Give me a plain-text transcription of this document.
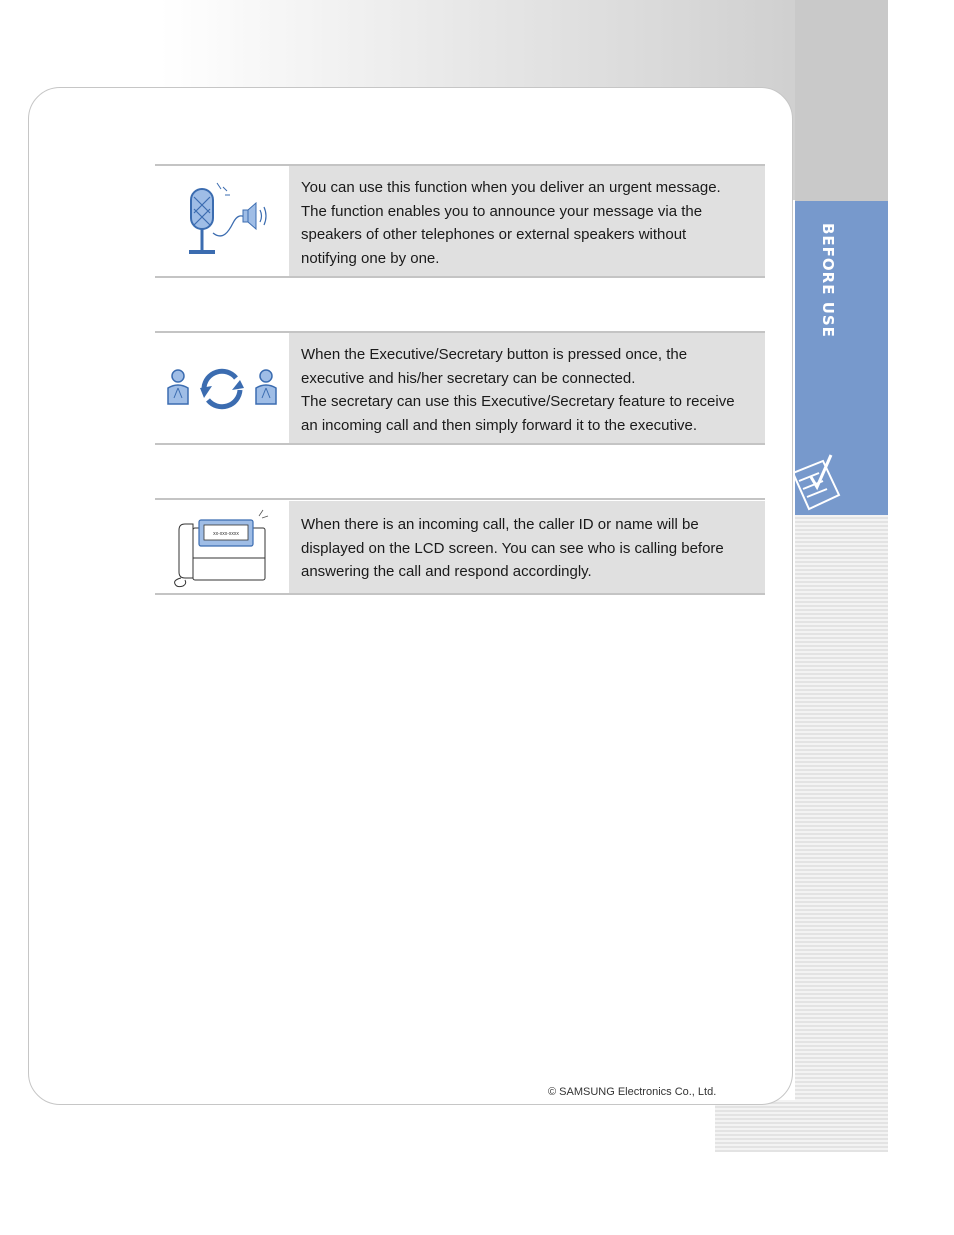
BEFORE USE

You can use this function when you deliver an urgent message.

The function enables you to announce your message via the

speakers of other telephones or external speakers without

notifying one by one.

When the Executive/Secretary button is pressed once, the

executive and his/her secretary can be connected.

The secretary can use this Executive/Secretary feature to receive

an incoming call and then simply forward it to the executive.

xx-xxx-xxxx

When there is an incoming call, the caller ID or name will be

displayed on the LCD screen. You can see who is calling before

answering the call and respond accordingly.

© SAMSUNG Electronics Co., Ltd.
